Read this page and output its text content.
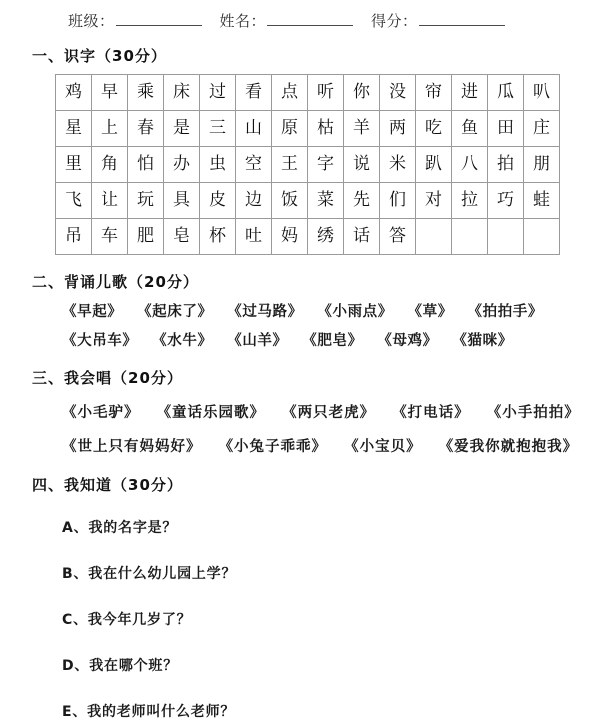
班级：	姓名：	得分：
一、识字（30分）
鸡	早	乘	床	过	看	点	听	你	没	帘	进	瓜	叭
星	上	春	是	三	山	原	枯	羊	两	吃	鱼	田	庄
里	角	怕	办	虫	空	王	字	说	米	趴	八	拍	朋
飞	让	玩	具	皮	边	饭	菜	先	们	对	拉	巧	蛙
吊	车	肥	皂	杯	吐	妈	绣	话	答				
二、背诵儿歌（20分）
《早起》 《起床了》 《过马路》 《小雨点》 《草》 《拍拍手》
《大吊车》 《水牛》 《山羊》 《肥皂》 《母鸡》 《猫咪》
三、我会唱（20分）
《小毛驴》 《童话乐园歌》 《两只老虎》 《打电话》 《小手拍拍》
《世上只有妈妈好》 《小兔子乖乖》 《小宝贝》 《爱我你就抱抱我》
四、我知道（30分）
A、我的名字是？
B、我在什么幼儿园上学？
C、我今年几岁了？
D、我在哪个班？
E、我的老师叫什么老师？
